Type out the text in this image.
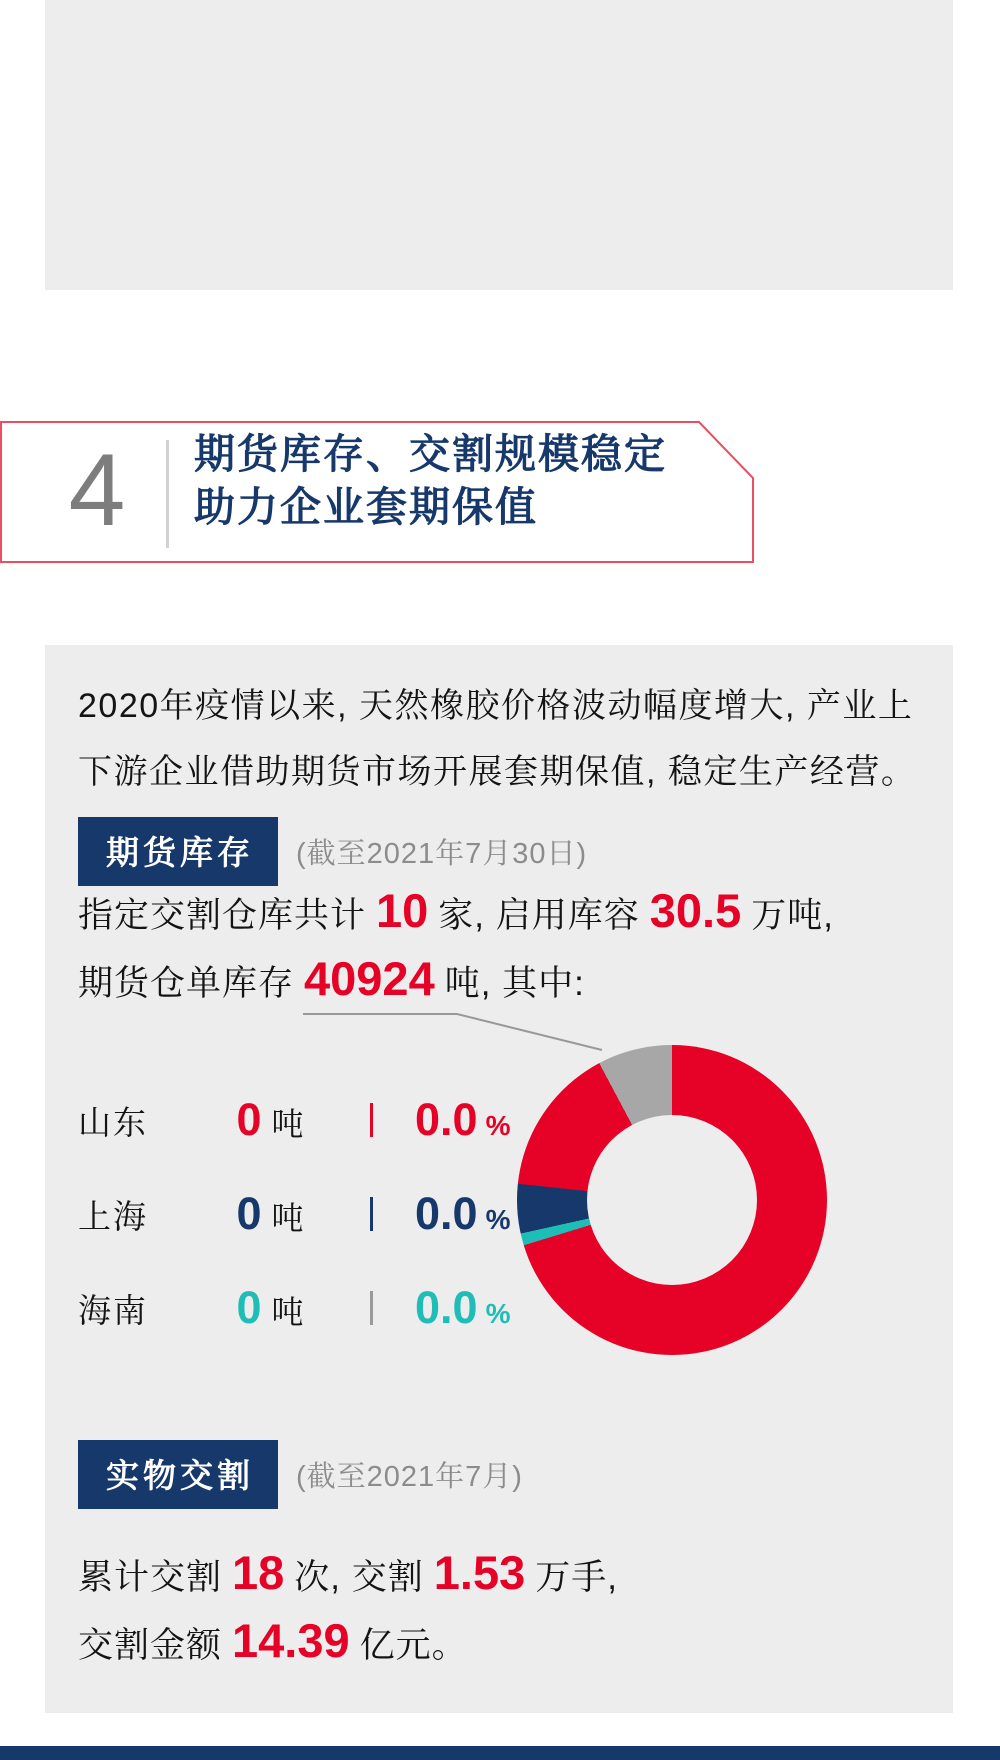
4	期货库存、交割规模稳定
助力企业套期保值

2020年疫情以来, 天然橡胶价格波动幅度增大, 产业上
下游企业借助期货市场开展套期保值, 稳定生产经营。

期货库存	(截至2021年7月30日)
指定交割仓库共计 10 家, 启用库容 30.5 万吨,
期货仓单库存 40924 吨, 其中:
山东	0 吨	0.0 %
上海	0 吨	0.0 %
海南	0 吨	0.0 %
实物交割	(截至2021年7月)
累计交割 18 次, 交割 1.53 万手,
交割金额 14.39 亿元。
